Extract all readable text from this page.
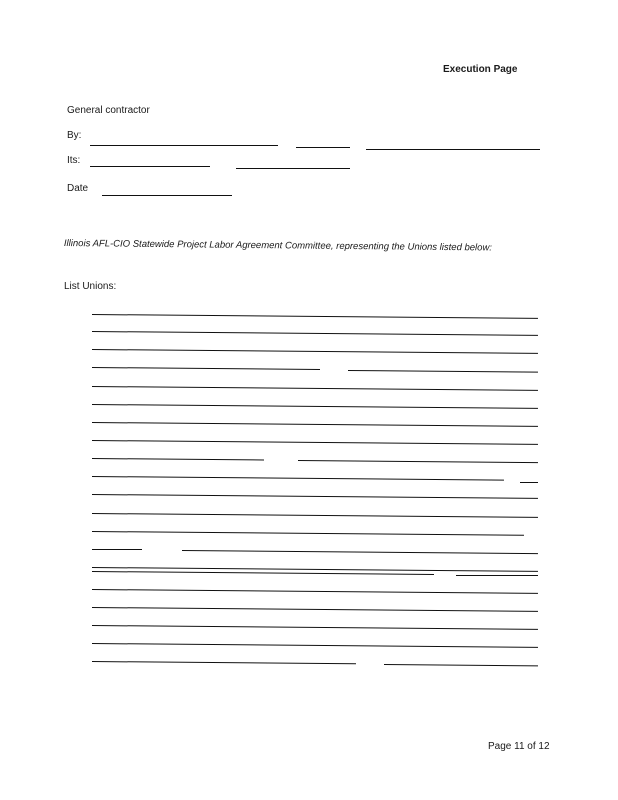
Execution Page
General contractor
By:
Its:
Date
Illinois AFL-CIO Statewide Project Labor Agreement Committee, representing the Unions listed below:
List Unions:
Page 11 of 12
